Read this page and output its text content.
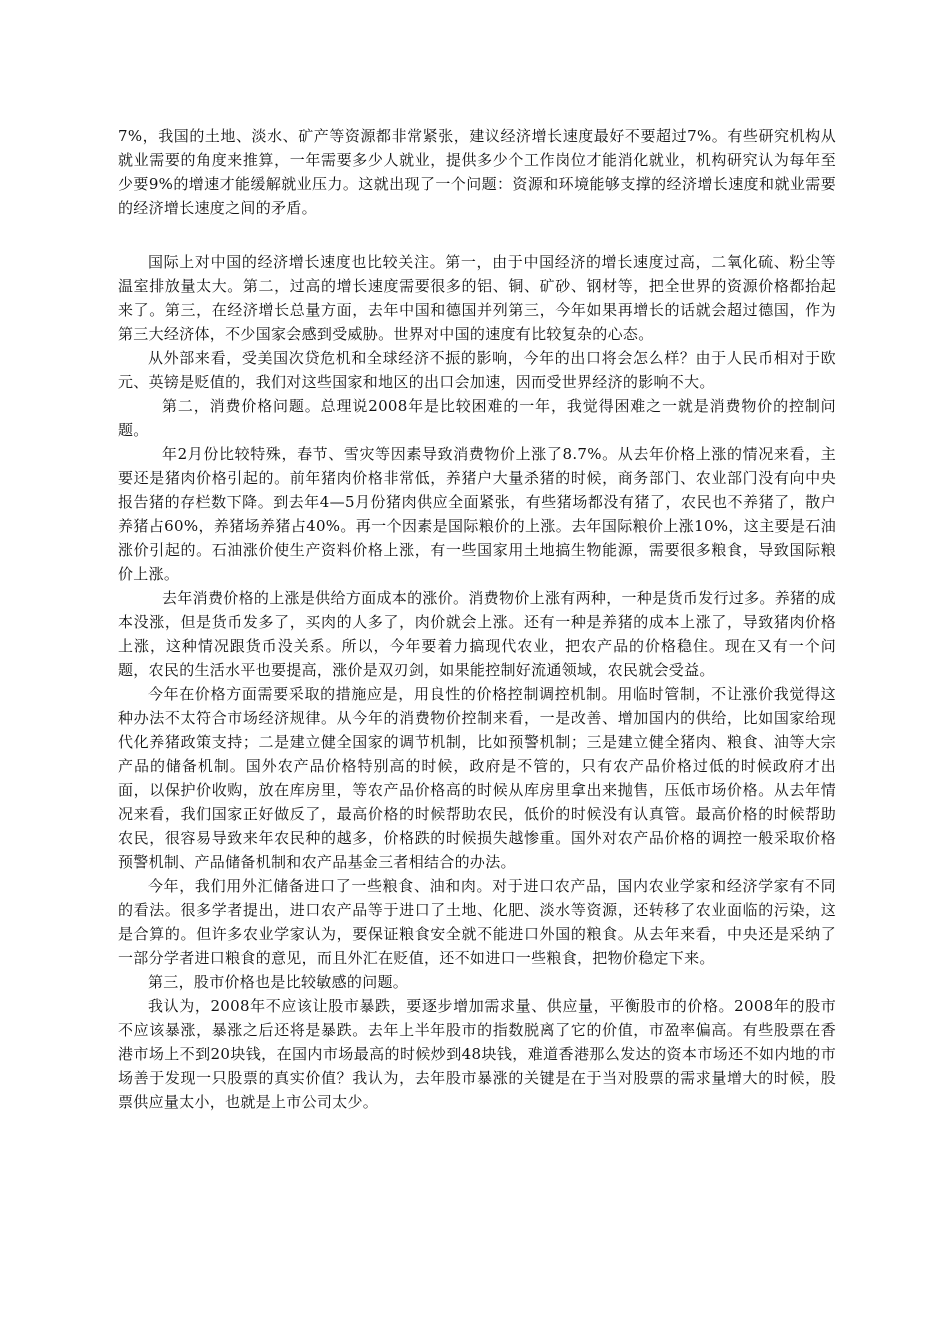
7%，我国的土地、淡水、矿产等资源都非常紧张，建议经济增长速度最好不要超过7%。有些研究机构从就业需要的角度来推算，一年需要多少人就业，提供多少个工作岗位才能消化就业，机构研究认为每年至少要9%的增速才能缓解就业压力。这就出现了一个问题：资源和环境能够支撑的经济增长速度和就业需要的经济增长速度之间的矛盾。

国际上对中国的经济增长速度也比较关注。第一，由于中国经济的增长速度过高，二氧化硫、粉尘等温室排放量太大。第二，过高的增长速度需要很多的铝、铜、矿砂、钢材等，把全世界的资源价格都抬起来了。第三，在经济增长总量方面，去年中国和德国并列第三，今年如果再增长的话就会超过德国，作为第三大经济体，不少国家会感到受威胁。世界对中国的速度有比较复杂的心态。

从外部来看，受美国次贷危机和全球经济不振的影响，今年的出口将会怎么样？由于人民币相对于欧元、英镑是贬值的，我们对这些国家和地区的出口会加速，因而受世界经济的影响不大。

第二，消费价格问题。总理说2008年是比较困难的一年，我觉得困难之一就是消费物价的控制问题。

年2月份比较特殊，春节、雪灾等因素导致消费物价上涨了8.7%。从去年价格上涨的情况来看，主要还是猪肉价格引起的。前年猪肉价格非常低，养猪户大量杀猪的时候，商务部门、农业部门没有向中央报告猪的存栏数下降。到去年4—5月份猪肉供应全面紧张，有些猪场都没有猪了，农民也不养猪了，散户养猪占60%，养猪场养猪占40%。再一个因素是国际粮价的上涨。去年国际粮价上涨10%，这主要是石油涨价引起的。石油涨价使生产资料价格上涨，有一些国家用土地搞生物能源，需要很多粮食，导致国际粮价上涨。

去年消费价格的上涨是供给方面成本的涨价。消费物价上涨有两种，一种是货币发行过多。养猪的成本没涨，但是货币发多了，买肉的人多了，肉价就会上涨。还有一种是养猪的成本上涨了，导致猪肉价格上涨，这种情况跟货币没关系。所以，今年要着力搞现代农业，把农产品的价格稳住。现在又有一个问题，农民的生活水平也要提高，涨价是双刃剑，如果能控制好流通领域，农民就会受益。

今年在价格方面需要采取的措施应是，用良性的价格控制调控机制。用临时管制，不让涨价我觉得这种办法不太符合市场经济规律。从今年的消费物价控制来看，一是改善、增加国内的供给，比如国家给现代化养猪政策支持；二是建立健全国家的调节机制，比如预警机制；三是建立健全猪肉、粮食、油等大宗产品的储备机制。国外农产品价格特别高的时候，政府是不管的，只有农产品价格过低的时候政府才出面，以保护价收购，放在库房里，等农产品价格高的时候从库房里拿出来抛售，压低市场价格。从去年情况来看，我们国家正好做反了，最高价格的时候帮助农民，低价的时候没有认真管。最高价格的时候帮助农民，很容易导致来年农民种的越多，价格跌的时候损失越惨重。国外对农产品价格的调控一般采取价格预警机制、产品储备机制和农产品基金三者相结合的办法。

今年，我们用外汇储备进口了一些粮食、油和肉。对于进口农产品，国内农业学家和经济学家有不同的看法。很多学者提出，进口农产品等于进口了土地、化肥、淡水等资源，还转移了农业面临的污染，这是合算的。但许多农业学家认为，要保证粮食安全就不能进口外国的粮食。从去年来看，中央还是采纳了一部分学者进口粮食的意见，而且外汇在贬值，还不如进口一些粮食，把物价稳定下来。

第三，股市价格也是比较敏感的问题。

我认为，2008年不应该让股市暴跌，要逐步增加需求量、供应量，平衡股市的价格。2008年的股市不应该暴涨，暴涨之后还将是暴跌。去年上半年股市的指数脱离了它的价值，市盈率偏高。有些股票在香港市场上不到20块钱，在国内市场最高的时候炒到48块钱，难道香港那么发达的资本市场还不如内地的市场善于发现一只股票的真实价值？我认为，去年股市暴涨的关键是在于当对股票的需求量增大的时候，股票供应量太小，也就是上市公司太少。
